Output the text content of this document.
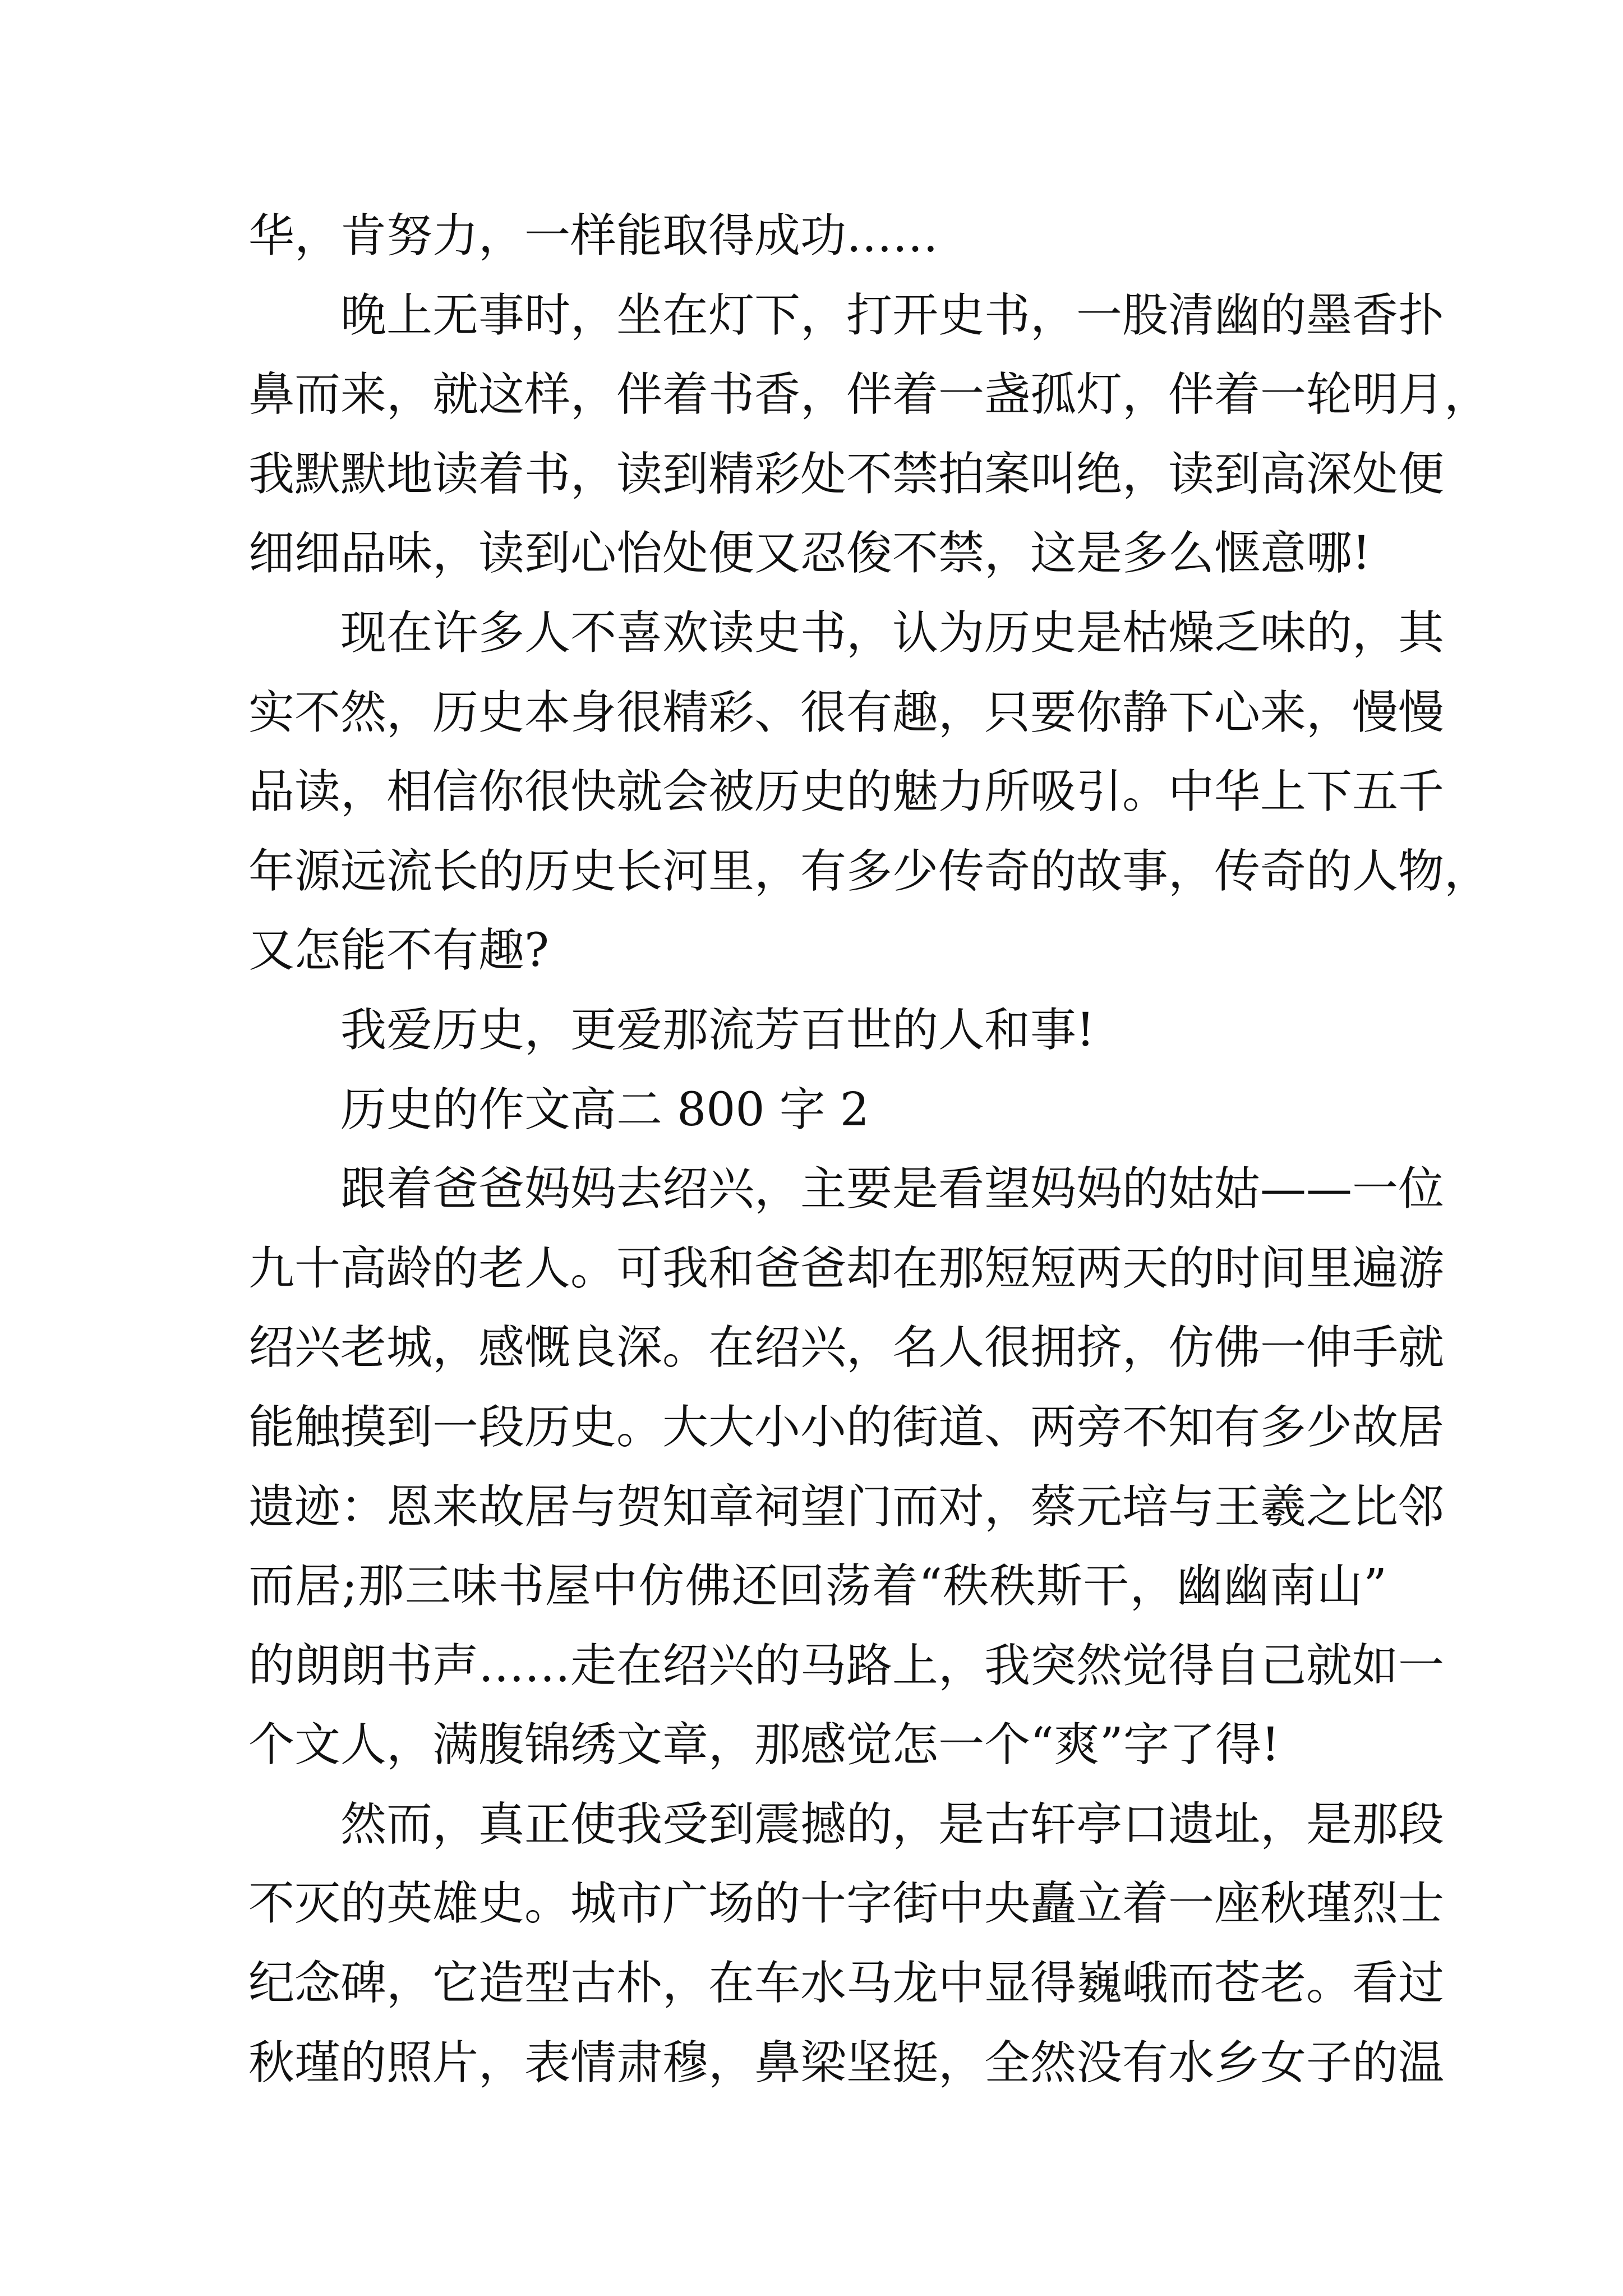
华，肯努力，一样能取得成功……
晚上无事时，坐在灯下，打开史书，一股清幽的墨香扑
鼻而来，就这样，伴着书香，伴着一盏孤灯，伴着一轮明月，
我默默地读着书，读到精彩处不禁拍案叫绝，读到高深处便
细细品味，读到心怡处便又忍俊不禁，这是多么惬意哪!
现在许多人不喜欢读史书，认为历史是枯燥乏味的，其
实不然，历史本身很精彩、很有趣，只要你静下心来，慢慢
品读，相信你很快就会被历史的魅力所吸引。中华上下五千
年源远流长的历史长河里，有多少传奇的故事，传奇的人物，
又怎能不有趣?
我爱历史，更爱那流芳百世的人和事!
历史的作文高二 800 字 2
跟着爸爸妈妈去绍兴，主要是看望妈妈的姑姑——一位
九十高龄的老人。可我和爸爸却在那短短两天的时间里遍游
绍兴老城，感慨良深。在绍兴，名人很拥挤，仿佛一伸手就
能触摸到一段历史。大大小小的街道、两旁不知有多少故居
遗迹：恩来故居与贺知章祠望门而对，蔡元培与王羲之比邻
而居;那三味书屋中仿佛还回荡着“秩秩斯干，幽幽南山”
的朗朗书声……走在绍兴的马路上，我突然觉得自己就如一
个文人，满腹锦绣文章，那感觉怎一个“爽”字了得!
然而，真正使我受到震撼的，是古轩亭口遗址，是那段
不灭的英雄史。城市广场的十字街中央矗立着一座秋瑾烈士
纪念碑，它造型古朴，在车水马龙中显得巍峨而苍老。看过
秋瑾的照片，表情肃穆，鼻梁坚挺，全然没有水乡女子的温
